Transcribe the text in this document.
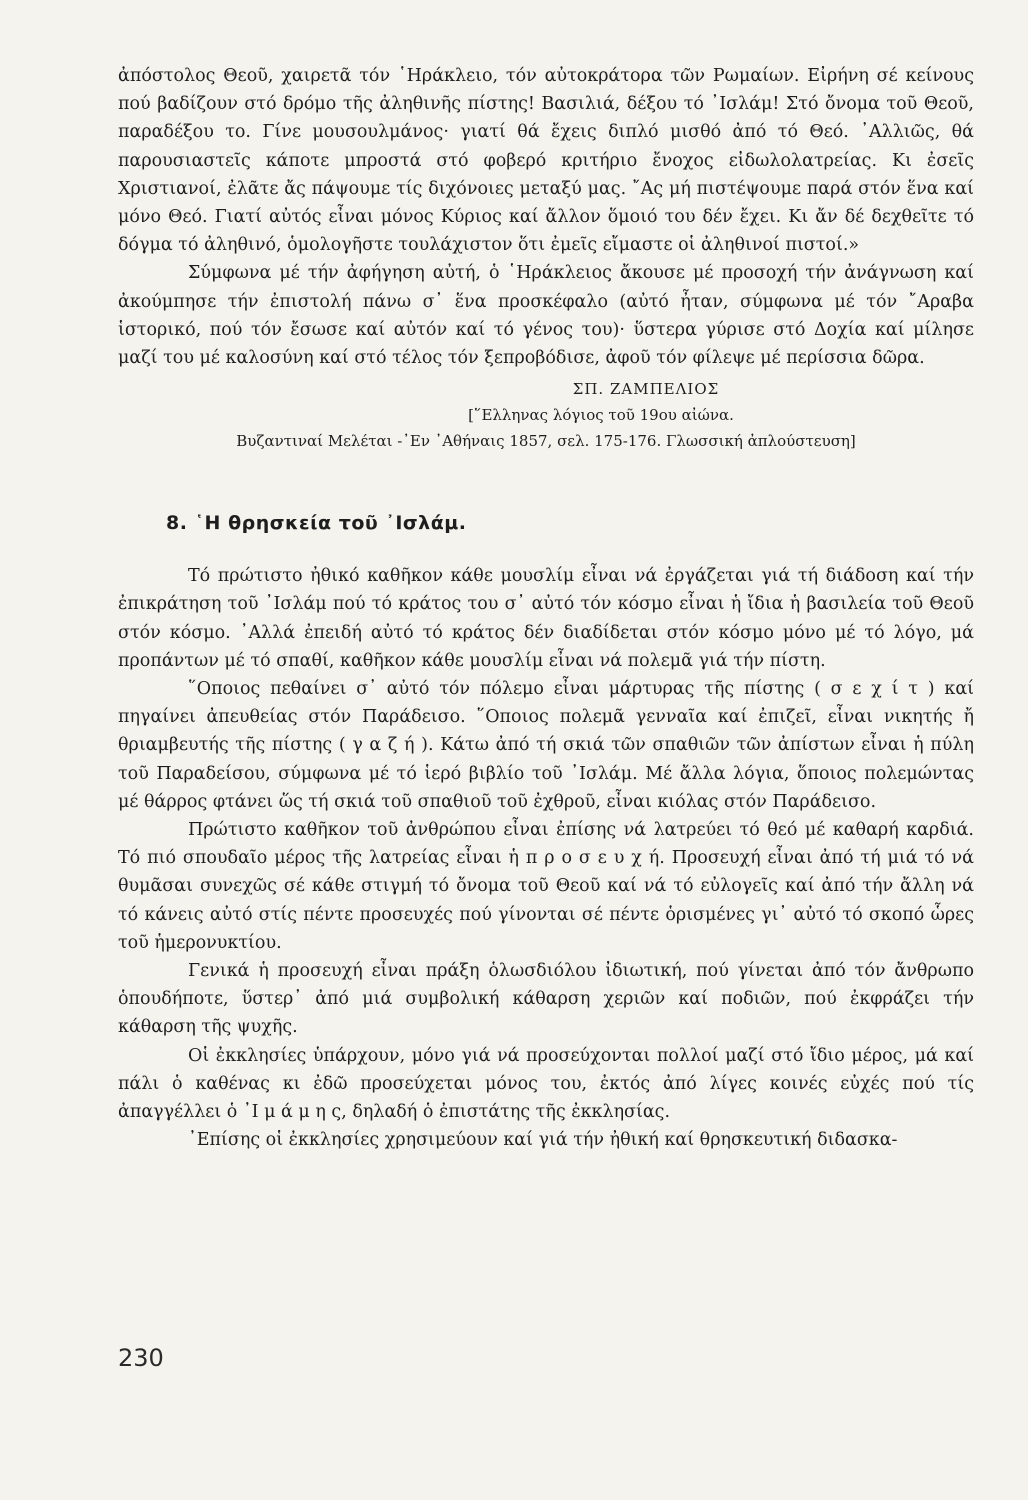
ἀπόστολος Θεοῦ, χαιρετᾶ τόν ῾Ηράκλειο, τόν αὐτοκράτορα τῶν Ρωμαίων. Εἰρήνη σέ κείνους πού βαδίζουν στό δρόμο τῆς ἀληθινῆς πίστης! Βασιλιά, δέξου τό ᾿Ισλάμ! Στό ὄνομα τοῦ Θεοῦ, παραδέξου το. Γίνε μουσουλμάνος· γιατί θά ἔχεις διπλό μισθό ἀπό τό Θεό. ᾿Αλλιῶς, θά παρουσιαστεῖς κάποτε μπροστά στό φοβερό κριτήριο ἔνοχος εἰδωλολατρείας. Κι ἐσεῖς Χριστιανοί, ἐλᾶτε ἄς πάψουμε τίς διχόνοιες μεταξύ μας. ῎Ας μή πιστέψουμε παρά στόν ἕνα καί μόνο Θεό. Γιατί αὐτός εἶναι μόνος Κύριος καί ἄλλον ὅμοιό του δέν ἔχει. Κι ἄν δέ δεχθεῖτε τό δόγμα τό ἀληθινό, ὁμολογῆστε τουλάχιστον ὅτι ἐμεῖς εἴμαστε οἱ ἀληθινοί πιστοί.»

Σύμφωνα μέ τήν ἀφήγηση αὐτή, ὁ ῾Ηράκλειος ἄκουσε μέ προσοχή τήν ἀνάγνωση καί ἀκούμπησε τήν ἐπιστολή πάνω σ᾿ ἕνα προσκέφαλο (αὐτό ἦταν, σύμφωνα μέ τόν ῎Αραβα ἱστορικό, πού τόν ἔσωσε καί αὐτόν καί τό γένος του)· ὕστερα γύρισε στό Δοχία καί μίλησε μαζί του μέ καλοσύνη καί στό τέλος τόν ξεπροβόδισε, ἀφοῦ τόν φίλεψε μέ περίσσια δῶρα.

ΣΠ. ΖΑΜΠΕΛΙΟΣ
[῞Ελληνας λόγιος τοῦ 19ου αἰώνα.
Βυζαντιναί Μελέται -᾿Εν ᾿Αθήναις 1857, σελ. 175-176. Γλωσσική ἀπλούστευση]
8. ῾Η θρησκεία τοῦ ᾿Ισλάμ.

Τό πρώτιστο ἠθικό καθῆκον κάθε μουσλίμ εἶναι νά ἐργάζεται γιά τή διάδοση καί τήν ἐπικράτηση τοῦ ᾿Ισλάμ πού τό κράτος του σ᾿ αὐτό τόν κόσμο εἶναι ἡ ἴδια ἡ βασιλεία τοῦ Θεοῦ στόν κόσμο. ᾿Αλλά ἐπειδή αὐτό τό κράτος δέν διαδίδεται στόν κόσμο μόνο μέ τό λόγο, μά προπάντων μέ τό σπαθί, καθῆκον κάθε μουσλίμ εἶναι νά πολεμᾶ γιά τήν πίστη.

῞Οποιος πεθαίνει σ᾿ αὐτό τόν πόλεμο εἶναι μάρτυρας τῆς πίστης ( σ ε χ ί τ ) καί πηγαίνει ἀπευθείας στόν Παράδεισο. ῞Οποιος πολεμᾶ γενναῖα καί ἐπιζεῖ, εἶναι νικητής ἤ θριαμβευτής τῆς πίστης ( γ α ζ ή ). Κάτω ἀπό τή σκιά τῶν σπαθιῶν τῶν ἀπίστων εἶναι ἡ πύλη τοῦ Παραδείσου, σύμφωνα μέ τό ἱερό βιβλίο τοῦ ᾿Ισλάμ. Μέ ἄλλα λόγια, ὅποιος πολεμώντας μέ θάρρος φτάνει ὥς τή σκιά τοῦ σπαθιοῦ τοῦ ἐχθροῦ, εἶναι κιόλας στόν Παράδεισο.

Πρώτιστο καθῆκον τοῦ ἀνθρώπου εἶναι ἐπίσης νά λατρεύει τό θεό μέ καθαρή καρδιά. Τό πιό σπουδαῖο μέρος τῆς λατρείας εἶναι ἡ π ρ ο σ ε υ χ ή. Προσευχή εἶναι ἀπό τή μιά τό νά θυμᾶσαι συνεχῶς σέ κάθε στιγμή τό ὄνομα τοῦ Θεοῦ καί νά τό εὐλογεῖς καί ἀπό τήν ἄλλη νά τό κάνεις αὐτό στίς πέντε προσευχές πού γίνονται σέ πέντε ὁρισμένες γι᾿ αὐτό τό σκοπό ὧρες τοῦ ἡμερονυκτίου.

Γενικά ἡ προσευχή εἶναι πράξη ὁλωσδιόλου ἰδιωτική, πού γίνεται ἀπό τόν ἄνθρωπο ὁπουδήποτε, ὕστερ᾿ ἀπό μιά συμβολική κάθαρση χεριῶν καί ποδιῶν, πού ἐκφράζει τήν κάθαρση τῆς ψυχῆς.

Οἱ ἐκκλησίες ὑπάρχουν, μόνο γιά νά προσεύχονται πολλοί μαζί στό ἴδιο μέρος, μά καί πάλι ὁ καθένας κι ἐδῶ προσεύχεται μόνος του, ἐκτός ἀπό λίγες κοινές εὐχές πού τίς ἀπαγγέλλει ὁ ᾿Ι μ ά μ η ς, δηλαδή ὁ ἐπιστάτης τῆς ἐκκλησίας.

᾿Επίσης οἱ ἐκκλησίες χρησιμεύουν καί γιά τήν ἠθική καί θρησκευτική διδασκα-

230
